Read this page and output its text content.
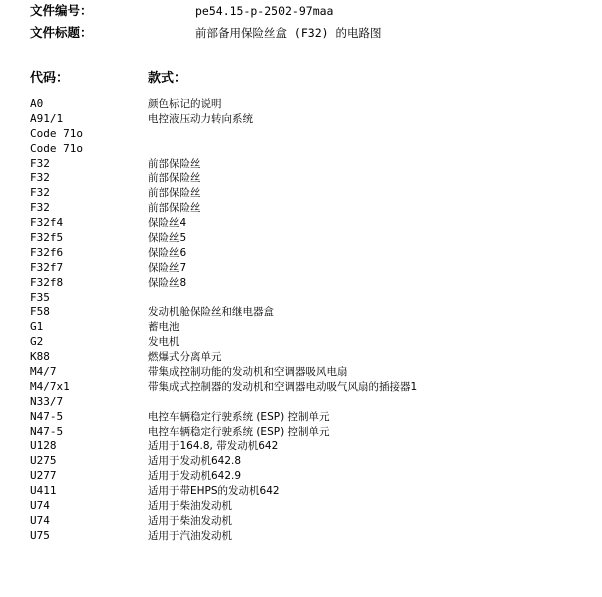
文件编号：	pe54.15-p-2502-97maa
文件标题：	前部备用保险丝盒 (F32) 的电路图
代码：	款式：
A0	颜色标记的说明
A91/1	电控液压动力转向系统
Code 71o
Code 71o
F32	前部保险丝
F32	前部保险丝
F32	前部保险丝
F32	前部保险丝
F32f4	保险丝4
F32f5	保险丝5
F32f6	保险丝6
F32f7	保险丝7
F32f8	保险丝8
F35
F58	发动机舱保险丝和继电器盒
G1	蓄电池
G2	发电机
K88	燃爆式分离单元
M4/7	带集成控制功能的发动机和空调器吸风电扇
M4/7x1	带集成式控制器的发动机和空调器电动吸气风扇的插接器1
N33/7
N47-5	电控车辆稳定行驶系统 (ESP) 控制单元
N47-5	电控车辆稳定行驶系统 (ESP) 控制单元
U128	适用于164.8, 带发动机642
U275	适用于发动机642.8
U277	适用于发动机642.9
U411	适用于带EHPS的发动机642
U74	适用于柴油发动机
U74	适用于柴油发动机
U75	适用于汽油发动机
